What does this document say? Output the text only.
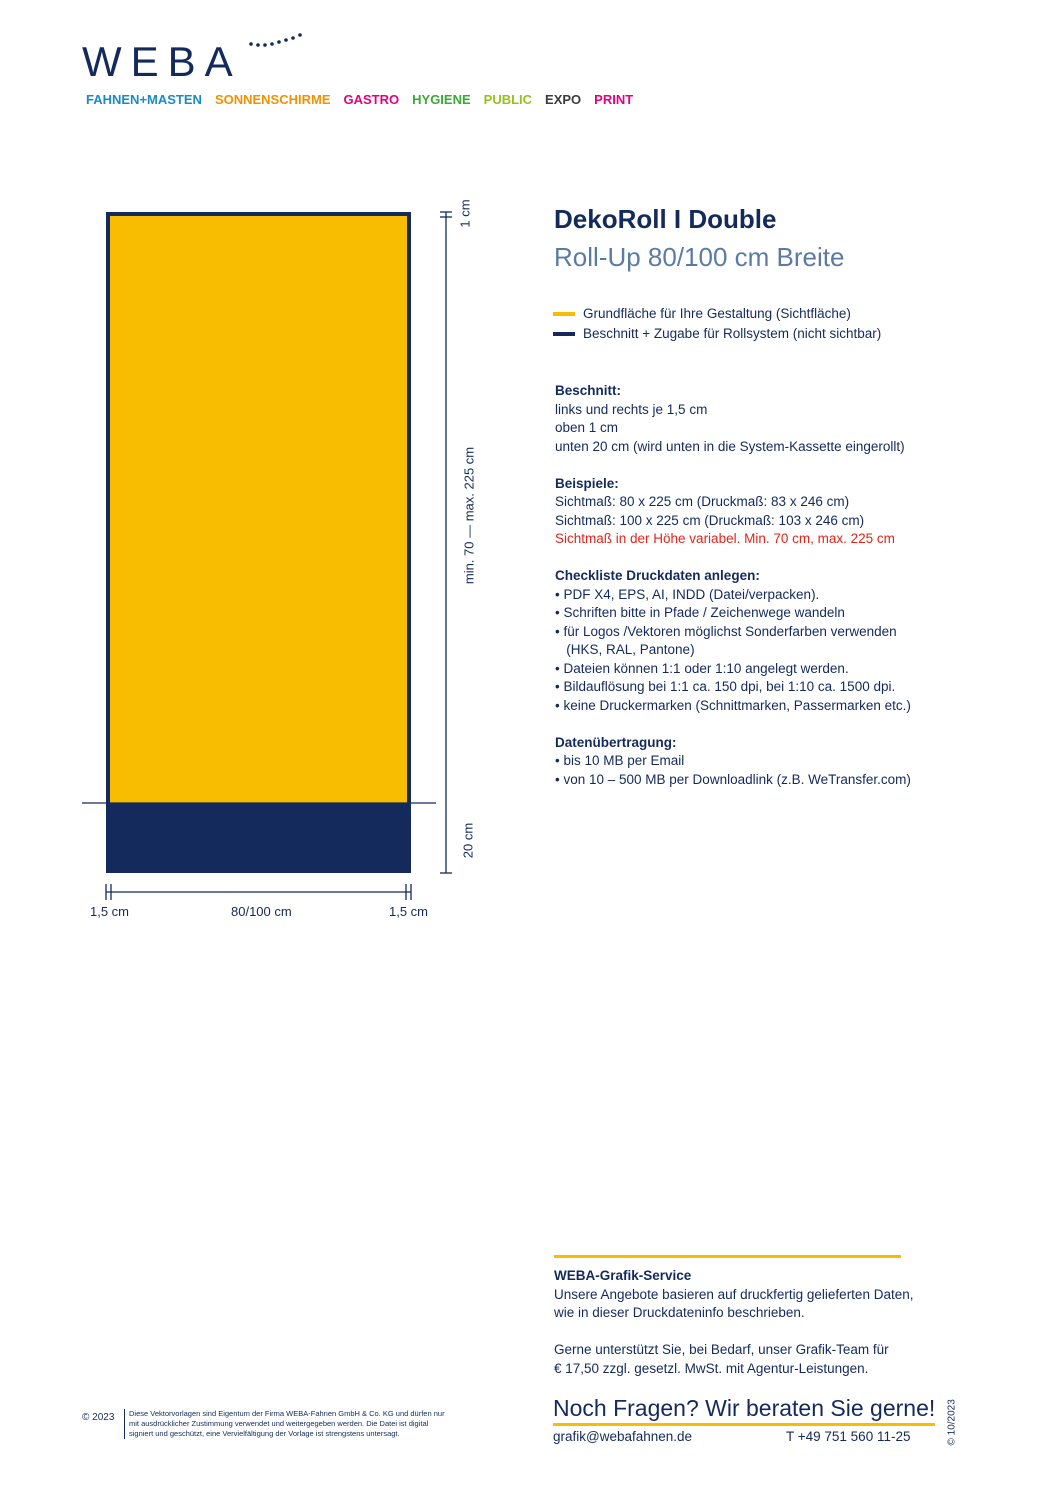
WEBA
FAHNEN+MASTEN SONNENSCHIRME GASTRO HYGIENE PUBLIC EXPO PRINT
1 cm
min. 70 — max. 225 cm
20 cm
1,5 cm	80/100 cm	1,5 cm
DekoRoll I Double
Roll-Up 80/100 cm Breite
Grundfläche für Ihre Gestaltung (Sichtfläche)
Beschnitt + Zugabe für Rollsystem (nicht sichtbar)
Beschnitt:
links und rechts je 1,5 cm
oben 1 cm
unten 20 cm (wird unten in die System-Kassette eingerollt)
Beispiele:
Sichtmaß: 80 x 225 cm (Druckmaß: 83 x 246 cm)
Sichtmaß: 100 x 225 cm (Druckmaß: 103 x 246 cm)
Sichtmaß in der Höhe variabel. Min. 70 cm, max. 225 cm
Checkliste Druckdaten anlegen:
• PDF X4, EPS, AI, INDD (Datei/verpacken).
• Schriften bitte in Pfade / Zeichenwege wandeln
• für Logos /Vektoren möglichst Sonderfarben verwenden
(HKS, RAL, Pantone)
• Dateien können 1:1 oder 1:10 angelegt werden.
• Bildauflösung bei 1:1 ca. 150 dpi, bei 1:10 ca. 1500 dpi.
• keine Druckermarken (Schnittmarken, Passermarken etc.)
Datenübertragung:
• bis 10 MB per Email
• von 10 – 500 MB per Downloadlink (z.B. WeTransfer.com)
WEBA-Grafik-Service
Unsere Angebote basieren auf druckfertig gelieferten Daten,
wie in dieser Druckdateninfo beschrieben.
Gerne unterstützt Sie, bei Bedarf, unser Grafik-Team für
€ 17,50 zzgl. gesetzl. MwSt. mit Agentur-Leistungen.
Noch Fragen? Wir beraten Sie gerne!
grafik@webafahnen.de	T +49 751 560 11-25
© 2023	Diese Vektorvorlagen sind Eigentum der Firma WEBA-Fahnen GmbH & Co. KG und dürfen nur mit ausdrücklicher Zustimmung verwendet und weitergegeben werden. Die Datei ist digital signiert und geschützt, eine Vervielfältigung der Vorlage ist strengstens untersagt.	© 10/2023
